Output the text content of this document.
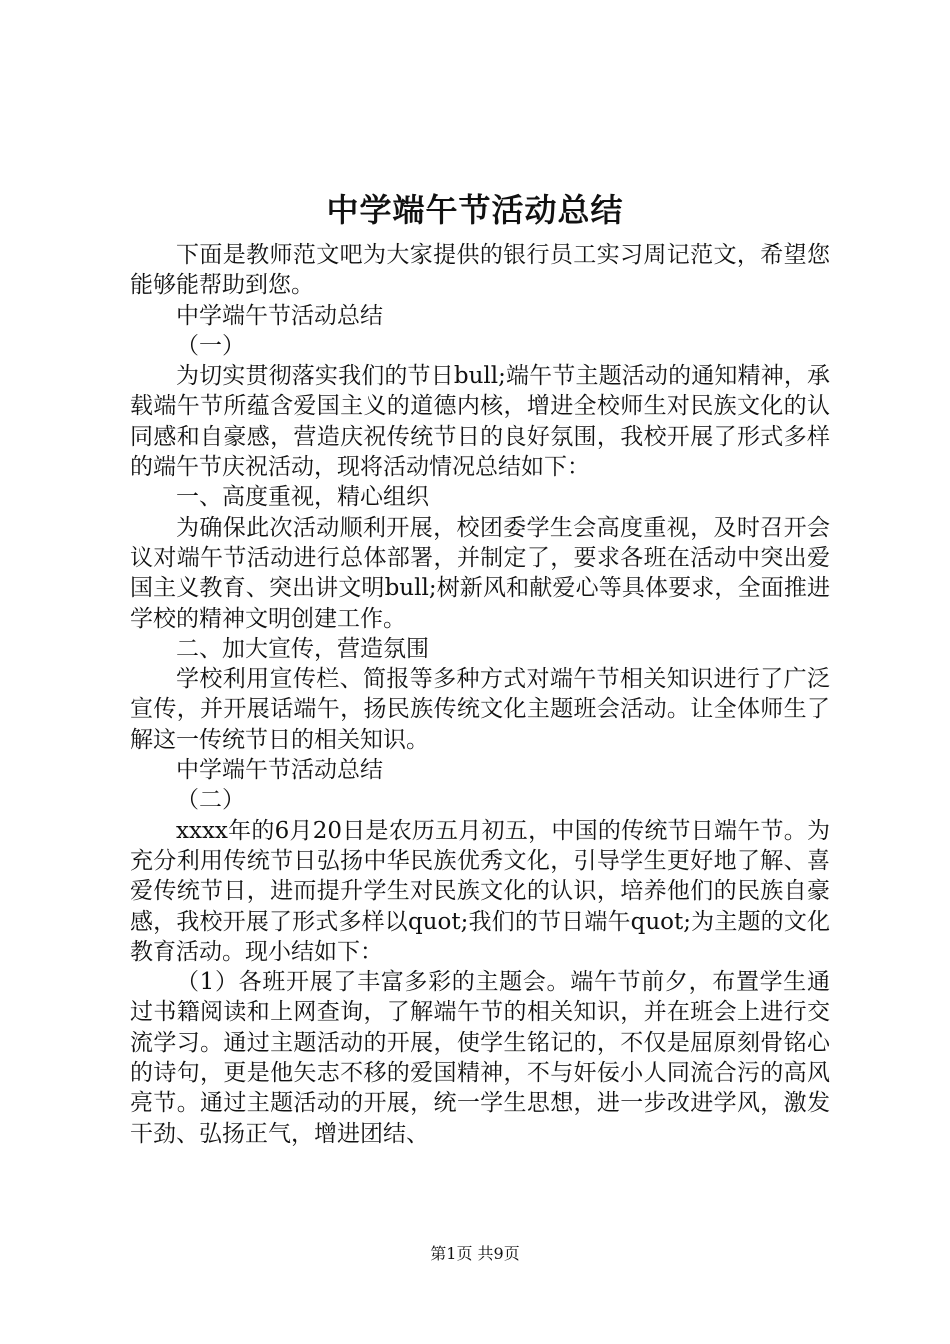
中学端午节活动总结

下面是教师范文吧为大家提供的银行员工实习周记范文，希望您能够能帮助到您。

中学端午节活动总结

（一）

为切实贯彻落实我们的节日bull;端午节主题活动的通知精神，承载端午节所蕴含爱国主义的道德内核，增进全校师生对民族文化的认同感和自豪感，营造庆祝传统节日的良好氛围，我校开展了形式多样的端午节庆祝活动，现将活动情况总结如下：

一、高度重视，精心组织

为确保此次活动顺利开展，校团委学生会高度重视，及时召开会议对端午节活动进行总体部署，并制定了，要求各班在活动中突出爱国主义教育、突出讲文明bull;树新风和献爱心等具体要求，全面推进学校的精神文明创建工作。

二、加大宣传，营造氛围

学校利用宣传栏、简报等多种方式对端午节相关知识进行了广泛宣传，并开展话端午，扬民族传统文化主题班会活动。让全体师生了解这一传统节日的相关知识。

中学端午节活动总结

（二）

xxxx年的6月20日是农历五月初五，中国的传统节日端午节。为充分利用传统节日弘扬中华民族优秀文化，引导学生更好地了解、喜爱传统节日，进而提升学生对民族文化的认识，培养他们的民族自豪感，我校开展了形式多样以quot;我们的节日端午quot;为主题的文化教育活动。现小结如下：

（1）各班开展了丰富多彩的主题会。端午节前夕，布置学生通过书籍阅读和上网查询，了解端午节的相关知识，并在班会上进行交流学习。通过主题活动的开展，使学生铭记的，不仅是屈原刻骨铭心的诗句，更是他矢志不移的爱国精神，不与奸佞小人同流合污的高风亮节。通过主题活动的开展，统一学生思想，进一步改进学风，激发干劲、弘扬正气，增进团结、

第1页 共9页
